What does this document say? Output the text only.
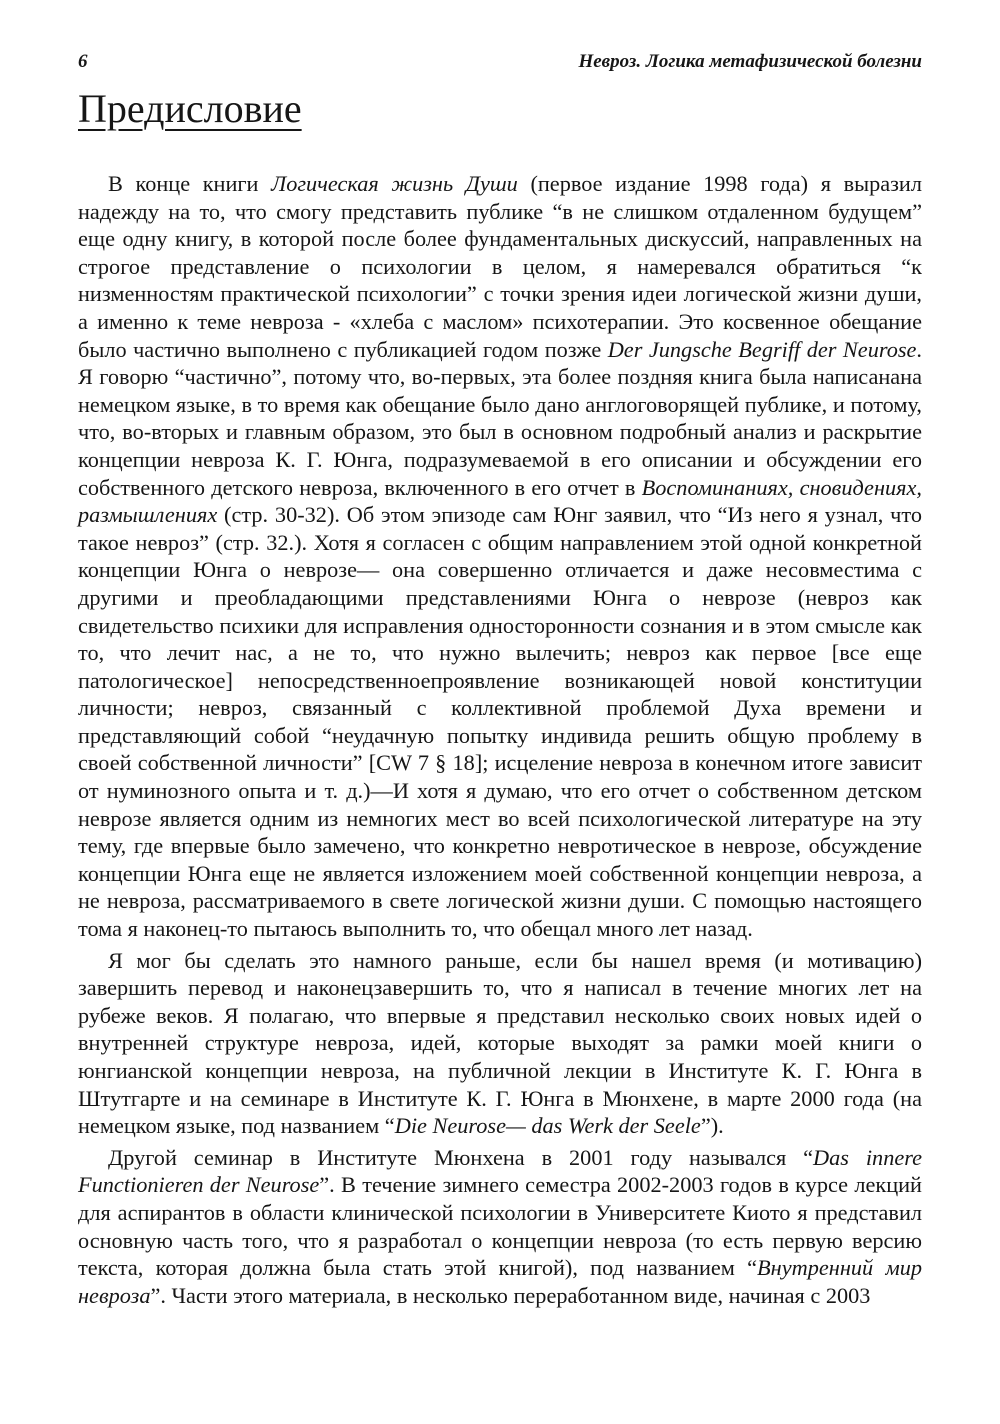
6	Невроз. Логика метафизической болезни
Предисловие

В конце книги Логическая жизнь Души (первое издание 1998 года) я выразил надежду на то, что смогу представить публике “в не слишком отдаленном будущем” еще одну книгу, в которой после более фундаментальных дискуссий, направленных на строгое представление о психологии в целом, я намеревался обратиться “к низменностям практической психологии” с точки зрения идеи логической жизни души, а именно к теме невроза - «хлеба с маслом» психотерапии. Это косвенное обещание было частично выполнено с публикацией годом позже Der Jungsche Begriff der Neurose. Я говорю “частично”, потому что, во-первых, эта более поздняя книга была написанана немецком языке, в то время как обещание было дано англоговорящей публике, и потому, что, во-вторых и главным образом, это был в основном подробный анализ и раскрытие концепции невроза К. Г. Юнга, подразумеваемой в его описании и обсуждении его собственного детского невроза, включенного в его отчет в Воспоминаниях, сновидениях, размышлениях (стр. 30-32). Об этом эпизоде сам Юнг заявил, что “Из него я узнал, что такое невроз” (стр. 32.). Хотя я согласен с общим направлением этой одной конкретной концепции Юнга о неврозе— она совершенно отличается и даже несовместима с другими и преобладающими представлениями Юнга о неврозе (невроз как свидетельство психики для исправления односторонности сознания и в этом смысле как то, что лечит нас, а не то, что нужно вылечить; невроз как первое [все еще патологическое] непосредственноепроявление возникающей новой конституции личности; невроз, связанный с коллективной проблемой Духа времени и представляющий собой “неудачную попытку индивида решить общую проблему в своей собственной личности” [CW 7 § 18]; исцеление невроза в конечном итоге зависит от нуминозного опыта и т. д.)—И хотя я думаю, что его отчет о собственном детском неврозе является одним из немногих мест во всей психологической литературе на эту тему, где впервые было замечено, что конкретно невротическое в неврозе, обсуждение концепции Юнга еще не является изложением моей собственной концепции невроза, а не невроза, рассматриваемого в свете логической жизни души. С помощью настоящего тома я наконец-то пытаюсь выполнить то, что обещал много лет назад.

Я мог бы сделать это намного раньше, если бы нашел время (и мотивацию) завершить перевод и наконецзавершить то, что я написал в течение многих лет на рубеже веков. Я полагаю, что впервые я представил несколько своих новых идей о внутренней структуре невроза, идей, которые выходят за рамки моей книги о юнгианской концепции невроза, на публичной лекции в Институте К. Г. Юнга в Штутгарте и на семинаре в Институте К. Г. Юнга в Мюнхене, в марте 2000 года (на немецком языке, под названием “Die Neurose— das Werk der Seele”).

Другой семинар в Институте Мюнхена в 2001 году назывался “Das innere Functionieren der Neurose”. В течение зимнего семестра 2002-2003 годов в курсе лекций для аспирантов в области клинической психологии в Университете Киото я представил основную часть того, что я разработал о концепции невроза (то есть первую версию текста, которая должна была стать этой книгой), под названием “Внутренний мир невроза”. Части этого материала, в несколько переработанном виде, начиная с 2003
